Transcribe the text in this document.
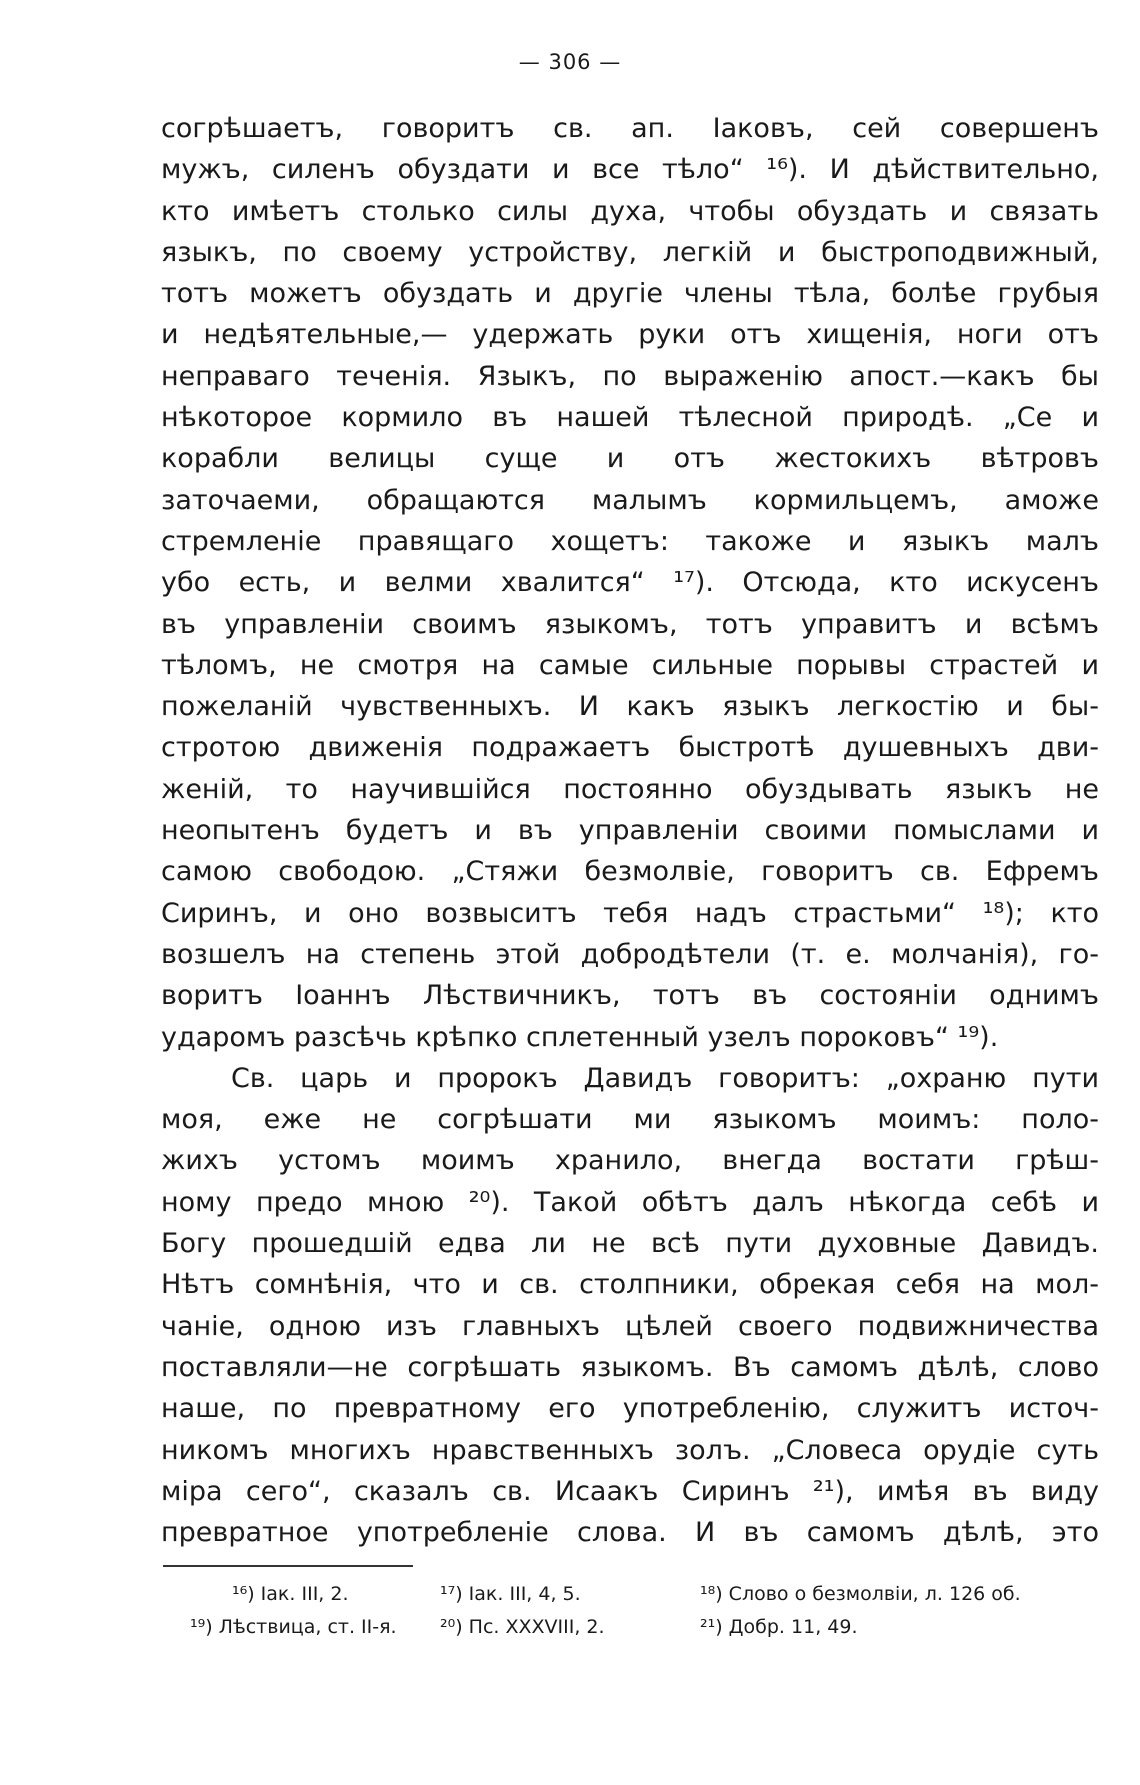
— 306 —
согрѣшаетъ, говоритъ св. ап. Іаковъ, сей совершенъ
мужъ, силенъ обуздати и все тѣло“ ¹⁶). И дѣйствительно,
кто имѣетъ столько силы духа, чтобы обуздать и связать
языкъ, по своему устройству, легкій и быстроподвижный,
тотъ можетъ обуздать и другіе члены тѣла, болѣе грубыя
и недѣятельные,— удержать руки отъ хищенія, ноги отъ
неправаго теченія. Языкъ, по выраженію апост.—какъ бы
нѣкоторое кормило въ нашей тѣлесной природѣ. „Се и
корабли велицы суще и отъ жестокихъ вѣтровъ
заточаеми, обращаются малымъ кормильцемъ, аможе
стремленіе правящаго хощетъ: такоже и языкъ малъ
убо есть, и велми хвалится“ ¹⁷). Отсюда, кто искусенъ
въ управленіи своимъ языкомъ, тотъ управитъ и всѣмъ
тѣломъ, не смотря на самые сильные порывы страстей и
пожеланій чувственныхъ. И какъ языкъ легкостію и бы-
стротою движенія подражаетъ быстротѣ душевныхъ дви-
женій, то научившійся постоянно обуздывать языкъ не
неопытенъ будетъ и въ управленіи своими помыслами и
самою свободою. „Стяжи безмолвіе, говоритъ св. Ефремъ
Сиринъ, и оно возвыситъ тебя надъ страстьми“ ¹⁸); кто
возшелъ на степень этой добродѣтели (т. е. молчанія), го-
воритъ Іоаннъ Лѣствичникъ, тотъ въ состояніи однимъ
ударомъ разсѣчь крѣпко сплетенный узелъ пороковъ“ ¹⁹).
Св. царь и пророкъ Давидъ говоритъ: „охраню пути
моя, еже не согрѣшати ми языкомъ моимъ: поло-
жихъ устомъ моимъ хранило, внегда востати грѣш-
ному предо мною ²⁰). Такой обѣтъ далъ нѣкогда себѣ и
Богу прошедшій едва ли не всѣ пути духовные Давидъ.
Нѣтъ сомнѣнія, что и св. столпники, обрекая себя на мол-
чаніе, одною изъ главныхъ цѣлей своего подвижничества
поставляли—не согрѣшать языкомъ. Въ самомъ дѣлѣ, слово
наше, по превратному его употребленію, служитъ источ-
никомъ многихъ нравственныхъ золъ. „Словеса орудіе суть
міра сего“, сказалъ св. Исаакъ Сиринъ ²¹), имѣя въ виду
превратное употребленіе слова. И въ самомъ дѣлѣ, это
¹⁶) Іак. III, 2.	¹⁷) Іак. III, 4, 5.	¹⁸) Слово о безмолвіи, л. 126 об.
¹⁹) Лѣствица, ст. II-я.	²⁰) Пс. XXXVIII, 2.	²¹) Добр. 11, 49.
